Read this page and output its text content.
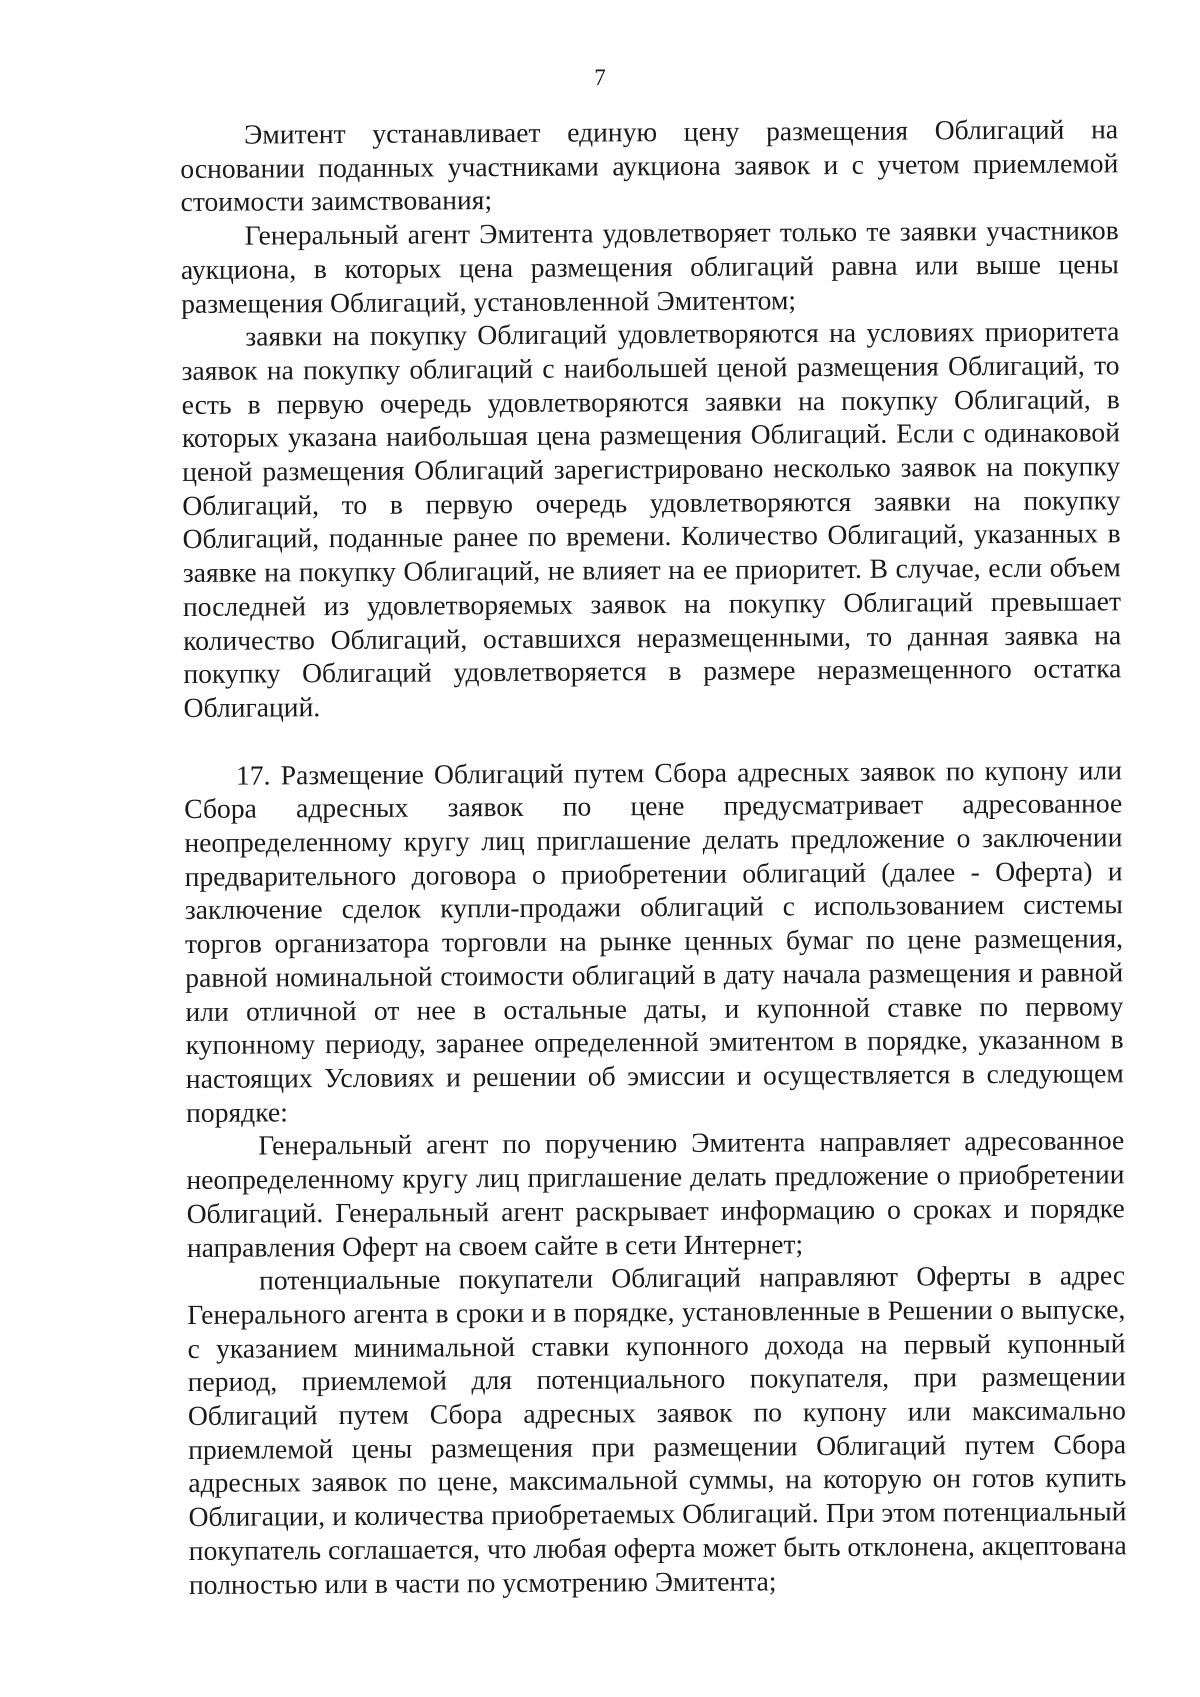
7

Эмитент устанавливает единую цену размещения Облигаций на основании поданных участниками аукциона заявок и с учетом приемлемой стоимости заимствования;

Генеральный агент Эмитента удовлетворяет только те заявки участников аукциона, в которых цена размещения облигаций равна или выше цены размещения Облигаций, установленной Эмитентом;

заявки на покупку Облигаций удовлетворяются на условиях приоритета заявок на покупку облигаций с наибольшей ценой размещения Облигаций, то есть в первую очередь удовлетворяются заявки на покупку Облигаций, в которых указана наибольшая цена размещения Облигаций. Если с одинаковой ценой размещения Облигаций зарегистрировано несколько заявок на покупку Облигаций, то в первую очередь удовлетворяются заявки на покупку Облигаций, поданные ранее по времени. Количество Облигаций, указанных в заявке на покупку Облигаций, не влияет на ее приоритет. В случае, если объем последней из удовлетворяемых заявок на покупку Облигаций превышает количество Облигаций, оставшихся неразмещенными, то данная заявка на покупку Облигаций удовлетворяется в размере неразмещенного остатка Облигаций.

17. Размещение Облигаций путем Сбора адресных заявок по купону или Сбора адресных заявок по цене предусматривает адресованное неопределенному кругу лиц приглашение делать предложение о заключении предварительного договора о приобретении облигаций (далее - Оферта) и заключение сделок купли-продажи облигаций с использованием системы торгов организатора торговли на рынке ценных бумаг по цене размещения, равной номинальной стоимости облигаций в дату начала размещения и равной или отличной от нее в остальные даты, и купонной ставке по первому купонному периоду, заранее определенной эмитентом в порядке, указанном в настоящих Условиях и решении об эмиссии и осуществляется в следующем порядке:

Генеральный агент по поручению Эмитента направляет адресованное неопределенному кругу лиц приглашение делать предложение о приобретении Облигаций. Генеральный агент раскрывает информацию о сроках и порядке направления Оферт на своем сайте в сети Интернет;

потенциальные покупатели Облигаций направляют Оферты в адрес Генерального агента в сроки и в порядке, установленные в Решении о выпуске, с указанием минимальной ставки купонного дохода на первый купонный период, приемлемой для потенциального покупателя, при размещении Облигаций путем Сбора адресных заявок по купону или максимально приемлемой цены размещения при размещении Облигаций путем Сбора адресных заявок по цене, максимальной суммы, на которую он готов купить Облигации, и количества приобретаемых Облигаций. При этом потенциальный покупатель соглашается, что любая оферта может быть отклонена, акцептована полностью или в части по усмотрению Эмитента;
